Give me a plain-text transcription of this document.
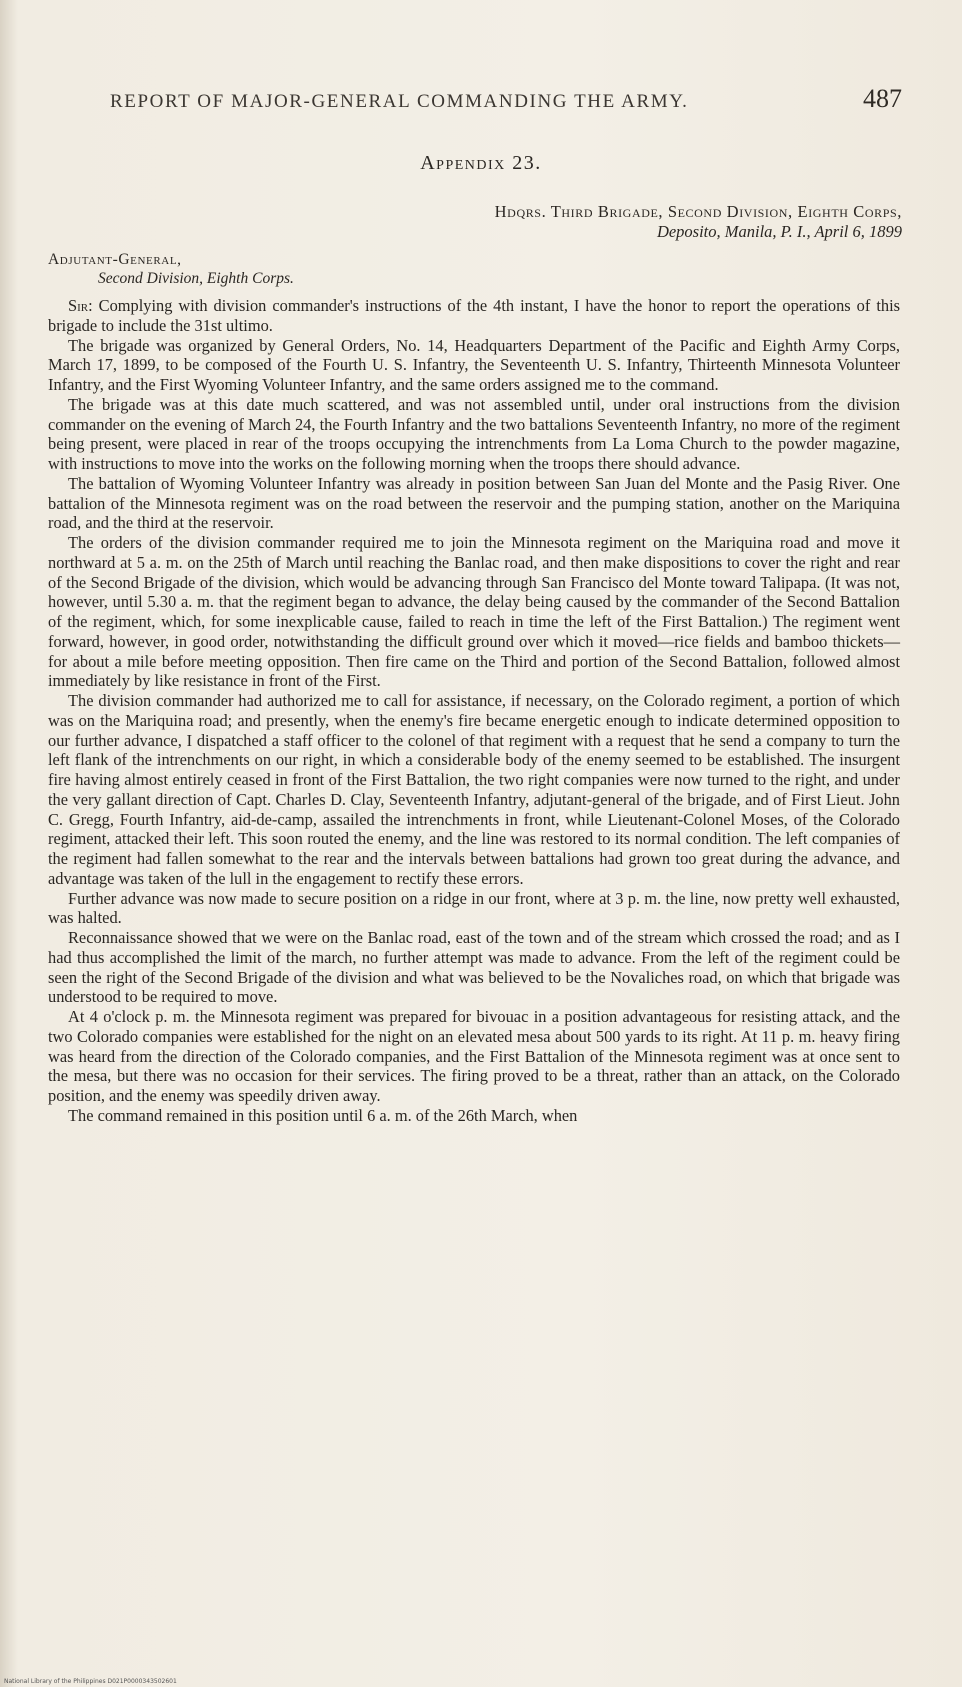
REPORT OF MAJOR-GENERAL COMMANDING THE ARMY.	487
Appendix 23.
Hdqrs. Third Brigade, Second Division, Eighth Corps,
Deposito, Manila, P. I., April 6, 1899
Adjutant-General,
Second Division, Eighth Corps.

Sir: Complying with division commander's instructions of the 4th instant, I have the honor to report the operations of this brigade to include the 31st ultimo.

The brigade was organized by General Orders, No. 14, Headquarters Department of the Pacific and Eighth Army Corps, March 17, 1899, to be composed of the Fourth U. S. Infantry, the Seventeenth U. S. Infantry, Thirteenth Minnesota Volunteer Infantry, and the First Wyoming Volunteer Infantry, and the same orders assigned me to the command.

The brigade was at this date much scattered, and was not assembled until, under oral instructions from the division commander on the evening of March 24, the Fourth Infantry and the two battalions Seventeenth Infantry, no more of the regiment being present, were placed in rear of the troops occupying the intrenchments from La Loma Church to the powder magazine, with instructions to move into the works on the following morning when the troops there should advance.

The battalion of Wyoming Volunteer Infantry was already in position between San Juan del Monte and the Pasig River. One battalion of the Minnesota regiment was on the road between the reservoir and the pumping station, another on the Mariquina road, and the third at the reservoir.

The orders of the division commander required me to join the Minnesota regiment on the Mariquina road and move it northward at 5 a. m. on the 25th of March until reaching the Banlac road, and then make dispositions to cover the right and rear of the Second Brigade of the division, which would be advancing through San Francisco del Monte toward Talipapa. (It was not, however, until 5.30 a. m. that the regiment began to advance, the delay being caused by the commander of the Second Battalion of the regiment, which, for some inexplicable cause, failed to reach in time the left of the First Battalion.) The regiment went forward, however, in good order, notwithstanding the difficult ground over which it moved—rice fields and bamboo thickets—for about a mile before meeting opposition. Then fire came on the Third and portion of the Second Battalion, followed almost immediately by like resistance in front of the First.

The division commander had authorized me to call for assistance, if necessary, on the Colorado regiment, a portion of which was on the Mariquina road; and presently, when the enemy's fire became energetic enough to indicate determined opposition to our further advance, I dispatched a staff officer to the colonel of that regiment with a request that he send a company to turn the left flank of the intrenchments on our right, in which a considerable body of the enemy seemed to be established. The insurgent fire having almost entirely ceased in front of the First Battalion, the two right companies were now turned to the right, and under the very gallant direction of Capt. Charles D. Clay, Seventeenth Infantry, adjutant-general of the brigade, and of First Lieut. John C. Gregg, Fourth Infantry, aid-de-camp, assailed the intrenchments in front, while Lieutenant-Colonel Moses, of the Colorado regiment, attacked their left. This soon routed the enemy, and the line was restored to its normal condition. The left companies of the regiment had fallen somewhat to the rear and the intervals between battalions had grown too great during the advance, and advantage was taken of the lull in the engagement to rectify these errors.

Further advance was now made to secure position on a ridge in our front, where at 3 p. m. the line, now pretty well exhausted, was halted.

Reconnaissance showed that we were on the Banlac road, east of the town and of the stream which crossed the road; and as I had thus accomplished the limit of the march, no further attempt was made to advance. From the left of the regiment could be seen the right of the Second Brigade of the division and what was believed to be the Novaliches road, on which that brigade was understood to be required to move.

At 4 o'clock p. m. the Minnesota regiment was prepared for bivouac in a position advantageous for resisting attack, and the two Colorado companies were established for the night on an elevated mesa about 500 yards to its right. At 11 p. m. heavy firing was heard from the direction of the Colorado companies, and the First Battalion of the Minnesota regiment was at once sent to the mesa, but there was no occasion for their services. The firing proved to be a threat, rather than an attack, on the Colorado position, and the enemy was speedily driven away.

The command remained in this position until 6 a. m. of the 26th March, when

National Library of the Philippines D021P0000343502601
